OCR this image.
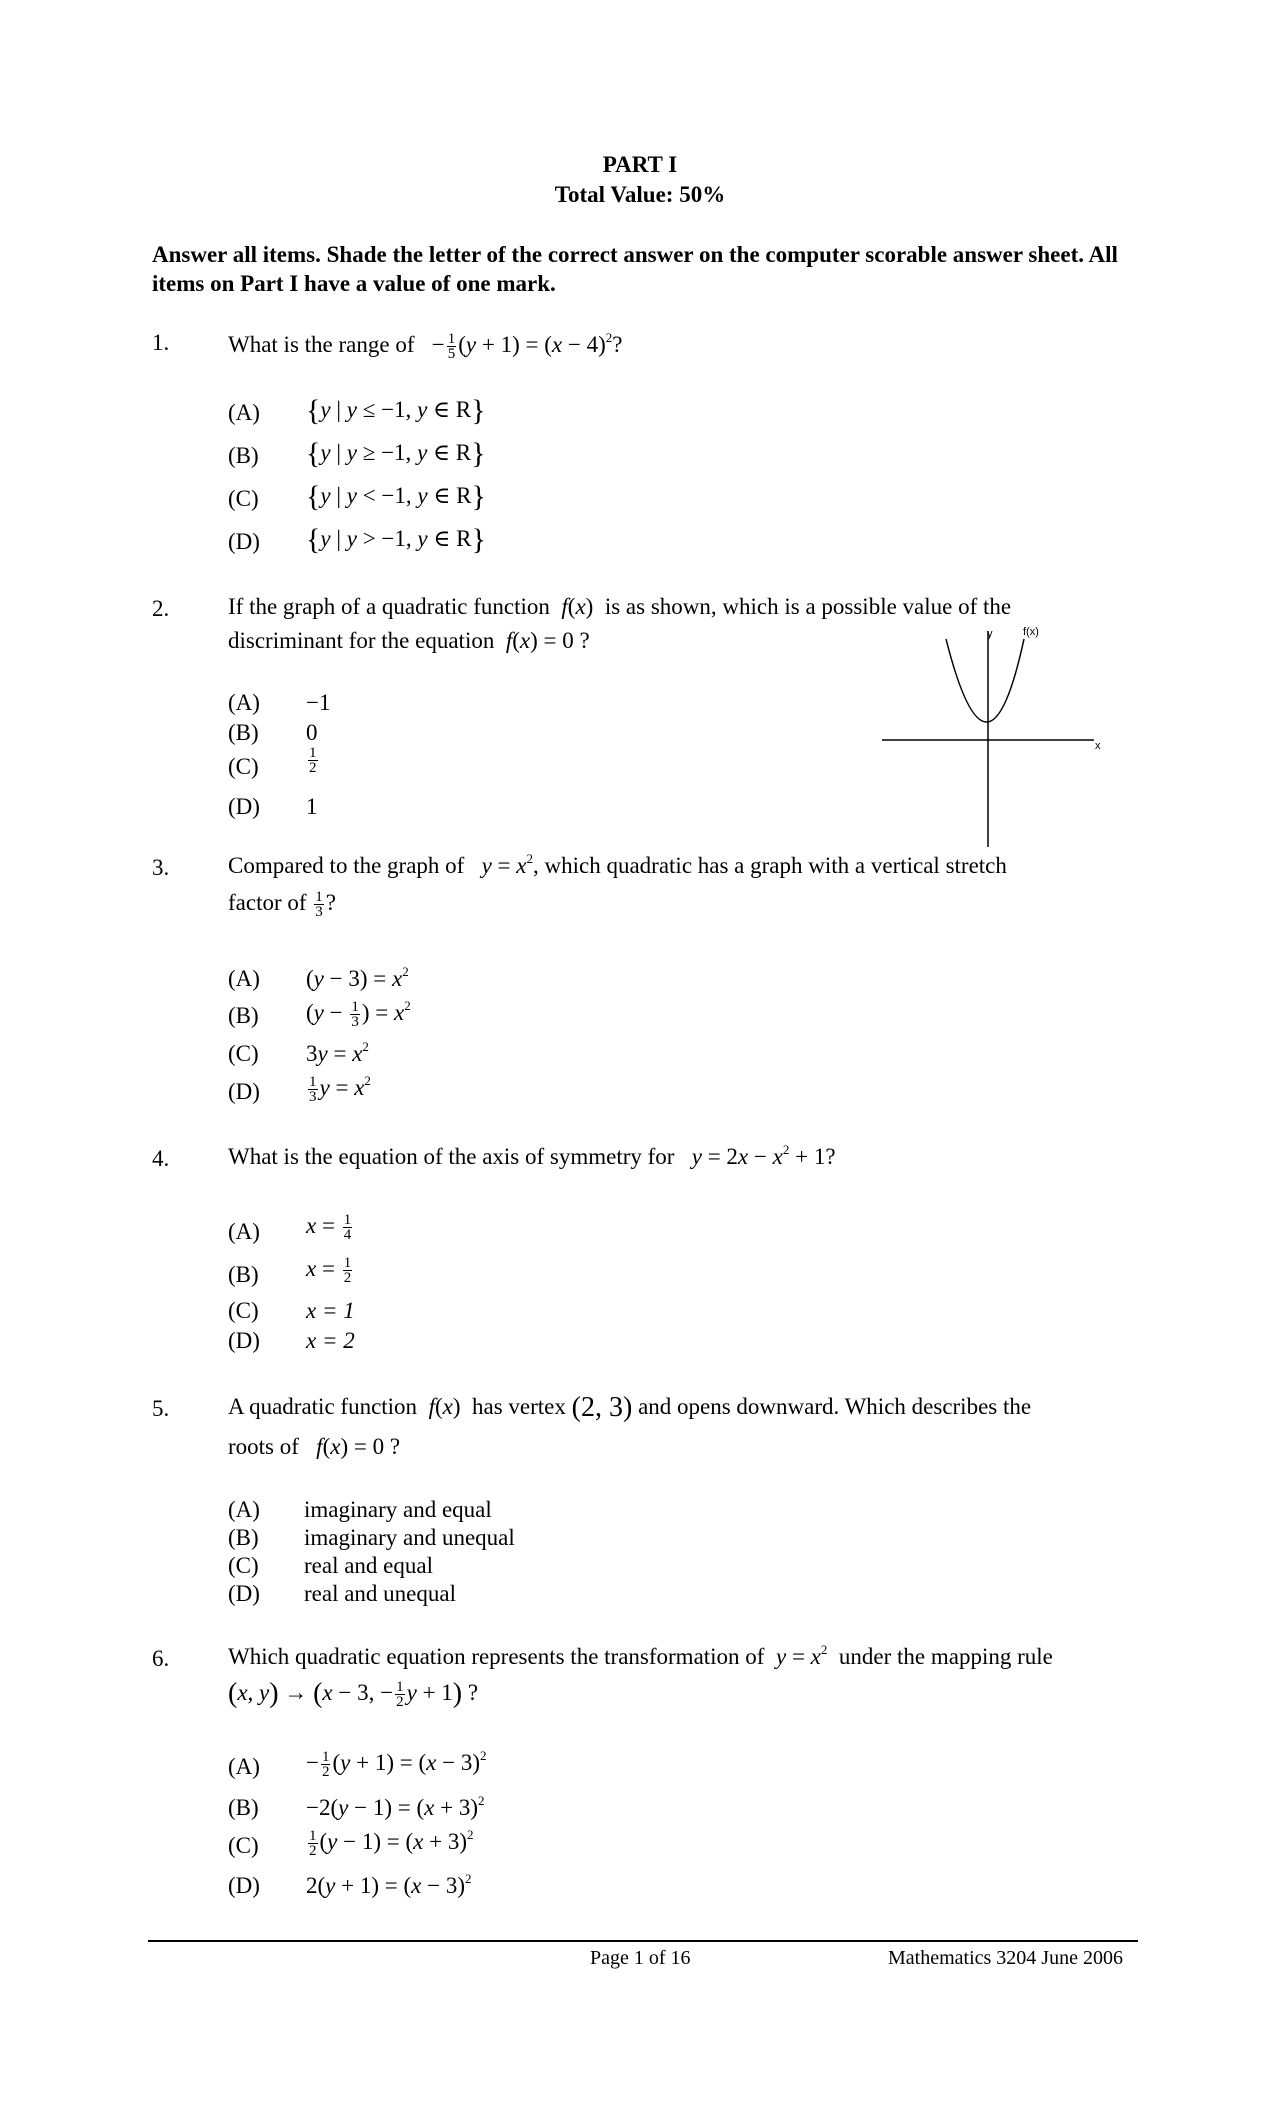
PART I
Total Value: 50%
Answer all items. Shade the letter of the correct answer on the computer scorable answer sheet. All items on Part I have a value of one mark.
1.	What is the range of   − $\frac{1}{5} (y + 1) = (x - 4)^2$?
(A) {y | y ≤ −1, y ∈ R}
(B) {y | y ≥ −1, y ∈ R}
(C) {y | y < −1, y ∈ R}
(D) {y | y > −1, y ∈ R}
2.	If the graph of a quadratic function f(x)  is as shown, which is a possible value of the
discriminant for the equation f(x) = 0 ?
(A) −1
(B) 0
(C)	$\frac{1}{2}$
(D) 1
y	f(x)
x
3.	Compared to the graph of $y = x^2$, which quadratic has a graph with a vertical stretch
factor of $\frac{1}{3}$ ?
(A) $(y - 3) = x^2$
(B) ($y - \frac{1}{3}$ ) = $x^2$
(C) $3y = x^2$
(D)	$\frac{1}{3}$ $y = x^2$
4.	What is the equation of the axis of symmetry for $y = 2x - x^2 + 1$?
(A) $x = \frac{1}{4}$
(B) $x = \frac{1}{2}$
(C) x = 1
(D) x = 2
5.	A quadratic function f(x)  has vertex (2, 3) and opens downward. Which describes the
roots of f(x) = 0 ?
(A) imaginary and equal
(B) imaginary and unequal
(C) real and equal
(D) real and unequal
6.	Which quadratic equation represents the transformation of $y = x^2$ under the mapping rule
(x, y) → (x − 3, − $\frac{1}{2}$ y + 1) ?
$(A) - \frac{1}{2} (y + 1) = (x - 3)^2$
$(B) -2(y - 1) = (x + 3)^2$
(C)	$\frac{1}{2} (y - 1) = (x + 3)^2$
(D) $2(y + 1) = (x - 3)^2$
Page 1 of 16	Mathematics 3204 June 2006
